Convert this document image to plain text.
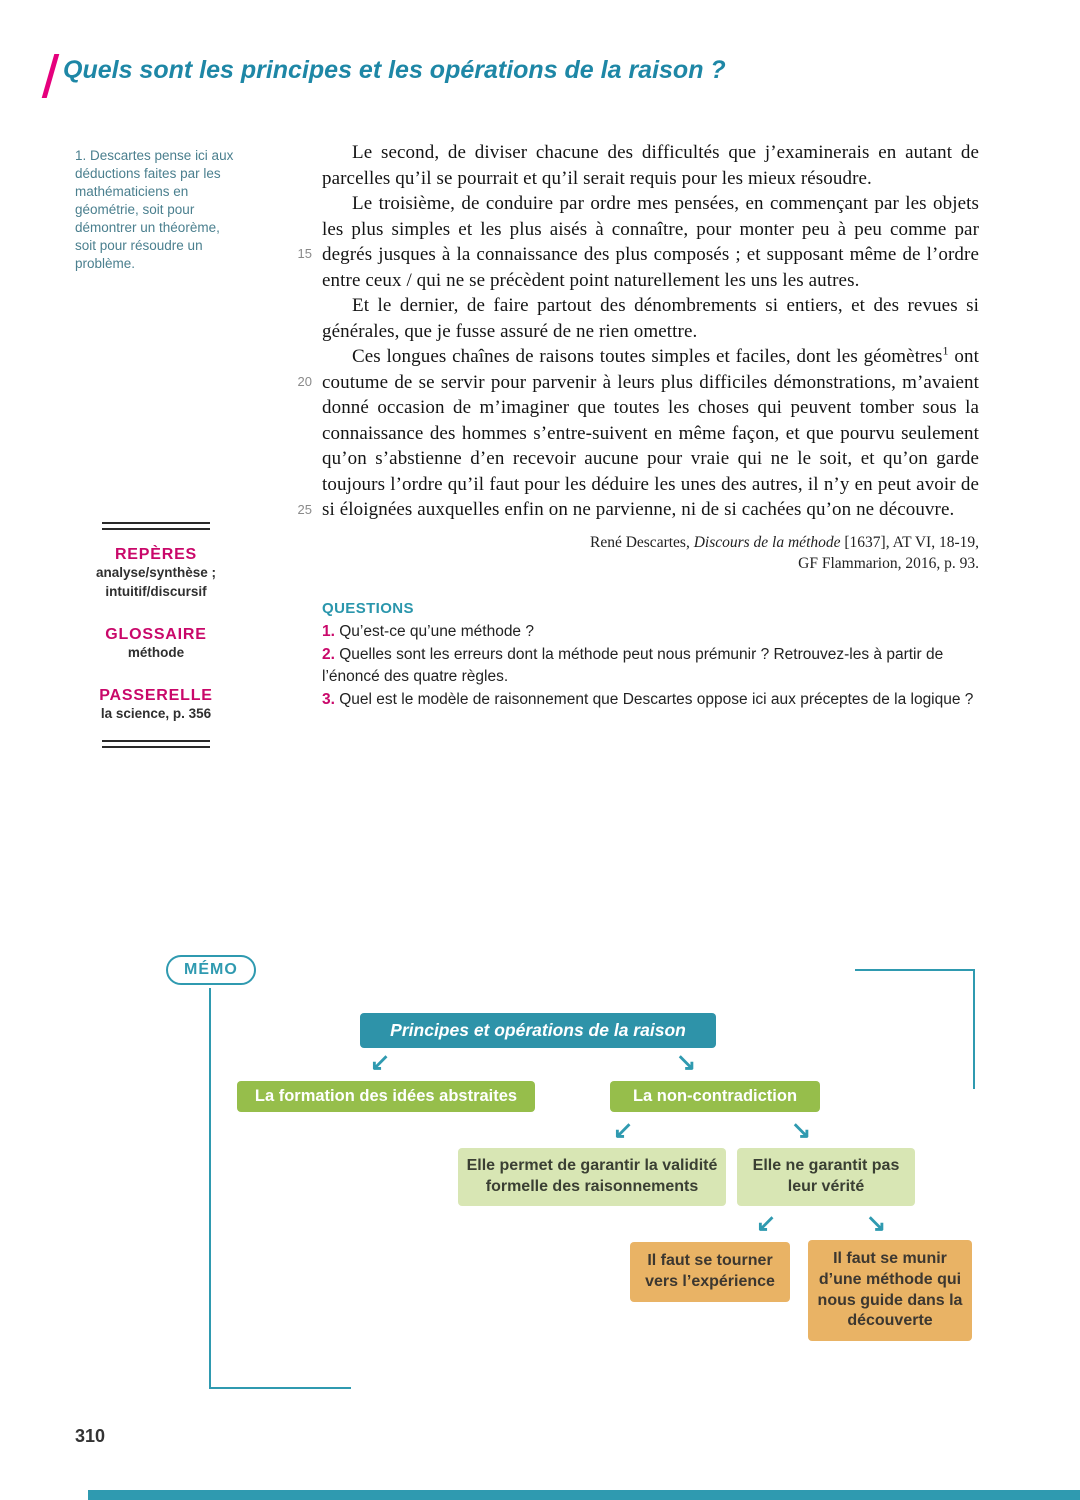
Quels sont les principes et les opérations de la raison ?
1. Descartes pense ici aux déductions faites par les mathématiciens en géométrie, soit pour démontrer un théorème, soit pour résoudre un problème.
REPÈRES
analyse/synthèse ;
intuitif/discursif
GLOSSAIRE
méthode
PASSERELLE
la science, p. 356
15
20
25

Le second, de diviser chacune des difficultés que j’examinerais en autant de parcelles qu’il se pourrait et qu’il serait requis pour les mieux résoudre.

Le troisième, de conduire par ordre mes pensées, en commençant par les objets les plus simples et les plus aisés à connaître, pour monter peu à peu comme par degrés jusques à la connaissance des plus composés ; et supposant même de l’ordre entre ceux / qui ne se précèdent point naturellement les uns les autres.

Et le dernier, de faire partout des dénombrements si entiers, et des revues si générales, que je fusse assuré de ne rien omettre.

Ces longues chaînes de raisons toutes simples et faciles, dont les géomètres$^1$ ont coutume de se servir pour parvenir à leurs plus difficiles démonstrations, m’avaient donné occasion de m’imaginer que toutes les choses qui peuvent tomber sous la connaissance des hommes s’entre-suivent en même façon, et que pourvu seulement qu’on s’abstienne d’en recevoir aucune pour vraie qui ne le soit, et qu’on garde toujours l’ordre qu’il faut pour les déduire les unes des autres, il n’y en peut avoir de si éloignées auxquelles enfin on ne parvienne, ni de si cachées qu’on ne découvre.

René Descartes, Discours de la méthode [1637], AT VI, 18-19,
GF Flammarion, 2016, p. 93.
QUESTIONS

1. Qu’est-ce qu’une méthode ?

2. Quelles sont les erreurs dont la méthode peut nous prémunir ? Retrouvez-les à partir de l’énoncé des quatre règles.

3. Quel est le modèle de raisonnement que Descartes oppose ici aux préceptes de la logique ?

MÉMO
Principes et opérations de la raison
↙	↘
La formation des idées abstraites	La non-contradiction
↙	↘
Elle permet de garantir la validité formelle des raisonnements
Elle ne garantit pas leur vérité
↙	↘
Il faut se tourner vers l’expérience
Il faut se munir d’une méthode qui nous guide dans la découverte
310
